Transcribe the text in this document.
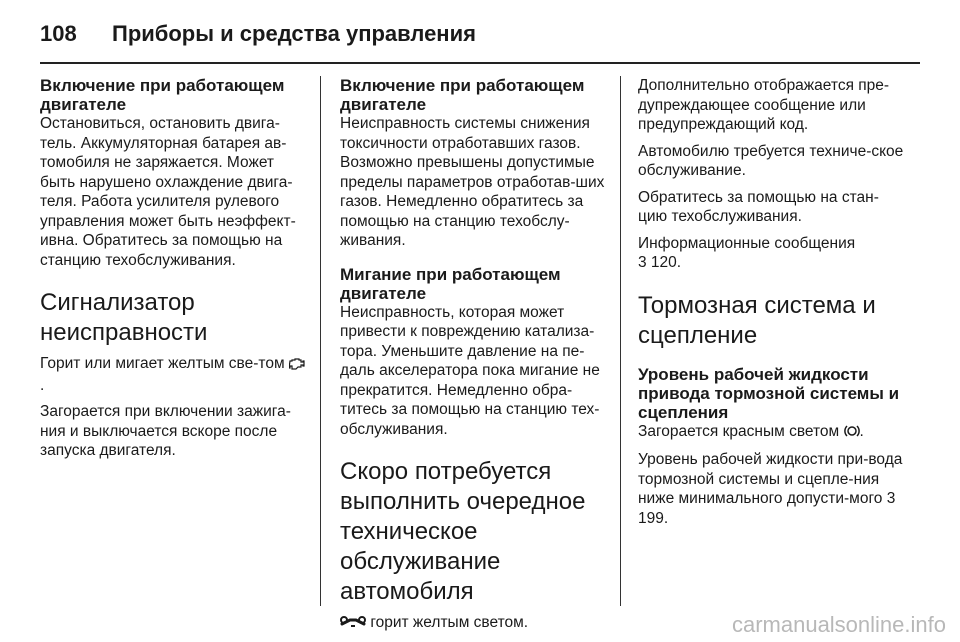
108	Приборы и средства управления
Включение при работающем двигателе

Остановиться, остановить двига-тель. Аккумуляторная батарея ав-томобиля не заряжается. Может быть нарушено охлаждение двига-теля. Работа усилителя рулевого управления может быть неэффект-ивна. Обратитесь за помощью на станцию техобслуживания.

Сигнализатор неисправности

Горит или мигает желтым све-том .

Загорается при включении зажига-ния и выключается вскоре после запуска двигателя.

Включение при работающем двигателе

Неисправность системы снижения токсичности отработавших газов. Возможно превышены допустимые пределы параметров отработав-ших газов. Немедленно обратитесь за помощью на станцию техобслу-живания.

Мигание при работающем двигателе

Неисправность, которая может привести к повреждению катализа-тора. Уменьшите давление на пе-даль акселератора пока мигание не прекратится. Немедленно обра-титесь за помощью на станцию тех-обслуживания.

Скоро потребуется выполнить очередное техническое обслуживание автомобиля

горит желтым светом.

Дополнительно отображается пре-дупреждающее сообщение или предупреждающий код.

Автомобилю требуется техниче-ское обслуживание.

Обратитесь за помощью на стан-цию техобслуживания.

Информационные сообщения
3 120.

Тормозная система и сцепление
Уровень рабочей жидкости привода тормозной системы и сцепления

Загорается красным светом .

Уровень рабочей жидкости при-вода тормозной системы и сцепле-ния ниже минимального допусти-мого 3 199.

carmanualsonline.info
